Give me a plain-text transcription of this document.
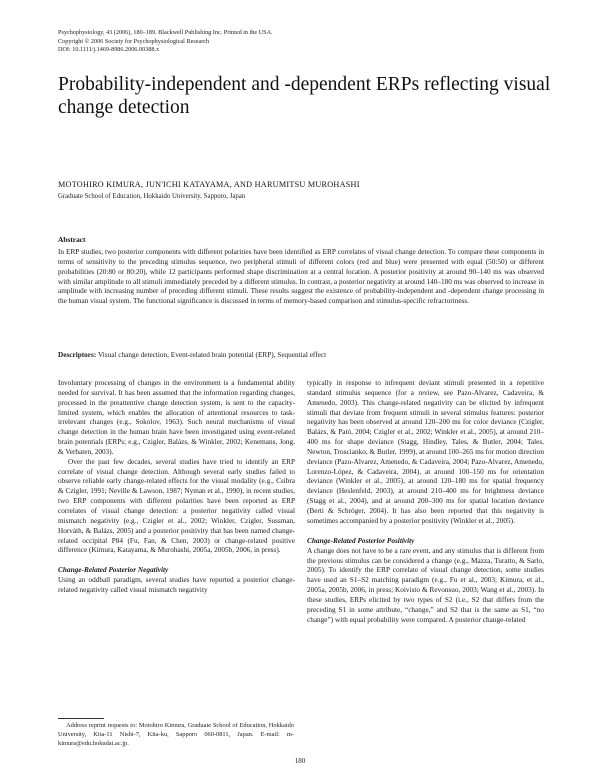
Psychophysiology, 43 (2006), 180–189. Blackwell Publishing Inc. Printed in the USA.
Copyright © 2006 Society for Psychophysiological Research
DOI: 10.1111/j.1469-8986.2006.00388.x
Probability-independent and -dependent ERPs reflecting visual change detection
MOTOHIRO KIMURA, JUN'ICHI KATAYAMA, AND HARUMITSU MUROHASHI
Graduate School of Education, Hokkaido University, Sapporo, Japan
Abstract

In ERP studies, two posterior components with different polarities have been identified as ERP correlates of visual change detection. To compare these components in terms of sensitivity to the preceding stimulus sequence, two peripheral stimuli of different colors (red and blue) were presented with equal (50:50) or different probabilities (20:80 or 80:20), while 12 participants performed shape discrimination at a central location. A posterior positivity at around 90–140 ms was observed with similar amplitude to all stimuli immediately preceded by a different stimulus. In contrast, a posterior negativity at around 140–180 ms was observed to increase in amplitude with increasing number of preceding different stimuli. These results suggest the existence of probability-independent and -dependent change processing in the human visual system. The functional significance is discussed in terms of memory-based comparison and stimulus-specific refractoriness.

Descriptors: Visual change detection, Event-related brain potential (ERP), Sequential effect

Involuntary processing of changes in the environment is a fundamental ability needed for survival. It has been assumed that the information regarding changes, processed in the preattentive change detection system, is sent to the capacity-limited system, which enables the allocation of attentional resources to task-irrelevant changes (e.g., Sokolov, 1963). Such neural mechanisms of visual change detection in the human brain have been investigated using event-related brain potentials (ERPs; e.g., Czigler, Balázs, & Winkler, 2002; Kenemans, Jong, & Verbaten, 2003).

Over the past few decades, several studies have tried to identify an ERP correlate of visual change detection. Although several early studies failed to observe reliable early change-related effects for the visual modality (e.g., Csibra & Czigler, 1991; Neville & Lawson, 1987; Nyman et al., 1990), in recent studies, two ERP components with different polarities have been reported as ERP correlates of visual change detection: a posterior negativity called visual mismatch negativity (e.g., Czigler et al., 2002; Winkler, Czigler, Sussman, Horváth, & Balázs, 2005) and a posterior positivity that has been named change-related occipital P84 (Fu, Fan, & Chen, 2003) or change-related positive difference (Kimura, Katayama, & Murohashi, 2005a, 2005b, 2006, in press).

Change-Related Posterior Negativity

Using an oddball paradigm, several studies have reported a posterior change-related negativity called visual mismatch negativity

typically in response to infrequent deviant stimuli presented in a repetitive standard stimulus sequence (for a review, see Pazo-Alvarez, Cadaveira, & Amenedo, 2003). This change-related negativity can be elicited by infrequent stimuli that deviate from frequent stimuli in several stimulus features: posterior negativity has been observed at around 120–200 ms for color deviance (Czigler, Balázs, & Pató, 2004; Czigler et al., 2002; Winkler et al., 2005), at around 210–400 ms for shape deviance (Stagg, Hindley, Tales, & Butler, 2004; Tales, Newton, Troscianko, & Butler, 1999), at around 100–265 ms for motion direction deviance (Pazo-Alvarez, Amenedo, & Cadaveira, 2004; Pazo-Alvarez, Amenedo, Lorenzo-López, & Cadaveira, 2004), at around 100–150 ms for orientation deviance (Winkler et al., 2005), at around 120–180 ms for spatial frequency deviance (Heslenfeld, 2003), at around 210–400 ms for brightness deviance (Stagg et al., 2004), and at around 200–300 ms for spatial location deviance (Berti & Schröger, 2004). It has also been reported that this negativity is sometimes accompanied by a posterior positivity (Winkler et al., 2005).

Change-Related Posterior Positivity

A change does not have to be a rare event, and any stimulus that is different from the previous stimulus can be considered a change (e.g., Mazza, Turatto, & Sarlo, 2005). To identify the ERP correlate of visual change detection, some studies have used an S1–S2 matching paradigm (e.g., Fu et al., 2003; Kimura, et al., 2005a, 2005b, 2006, in press; Koivisto & Revonsuo, 2003; Wang et al., 2003). In these studies, ERPs elicited by two types of S2 (i.e., S2 that differs from the preceding S1 in some attribute, “change,” and S2 that is the same as S1, “no change”) with equal probability were compared. A posterior change-related

Address reprint requests to: Motohiro Kimura, Graduate School of Education, Hokkaido University, Kita-11 Nishi-7, Kita-ku, Sapporo 060-0811, Japan. E-mail: m-kimura@edu.hokudai.ac.jp.
180
